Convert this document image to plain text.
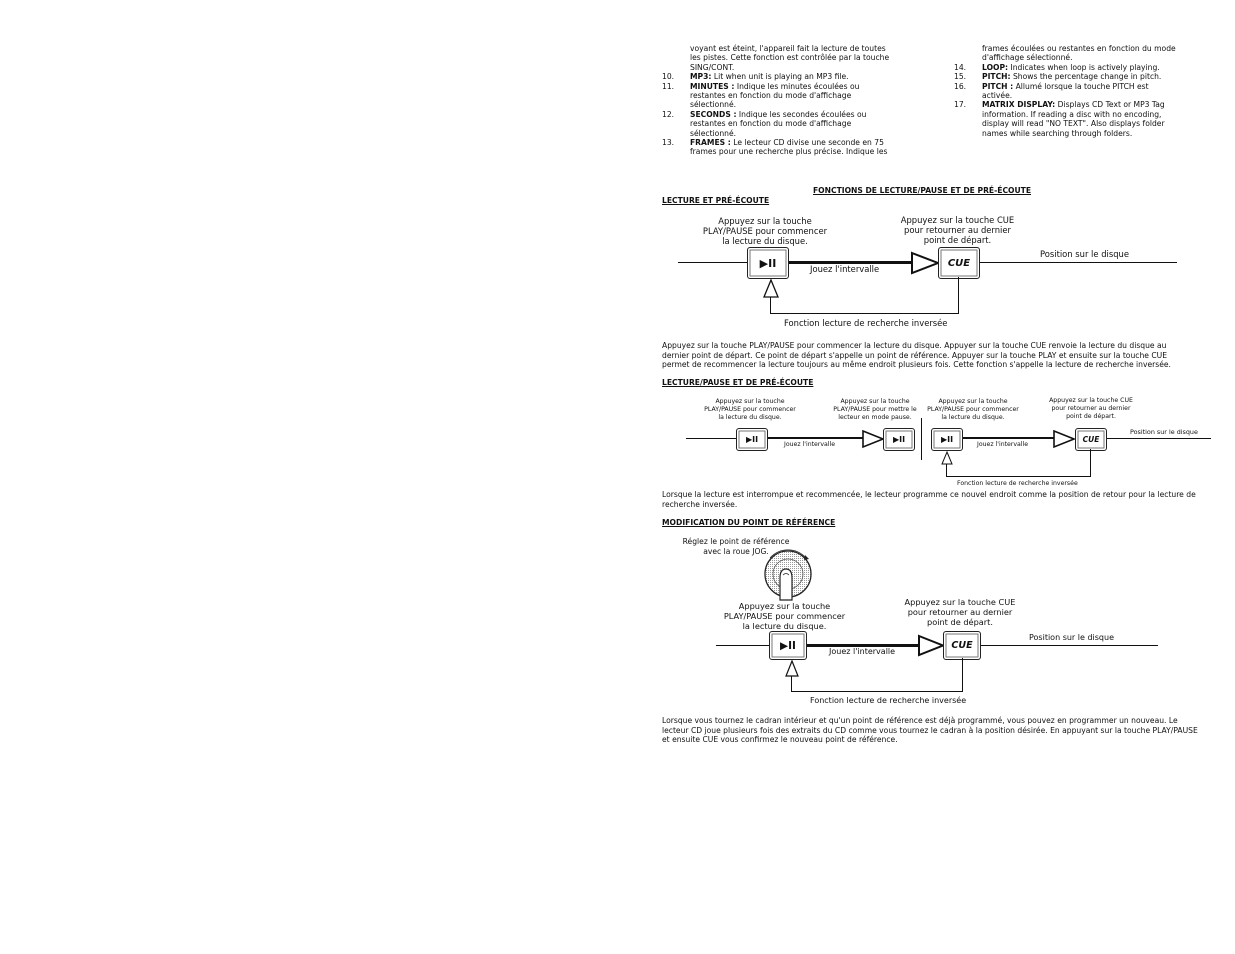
voyant est éteint, l'appareil fait la lecture de toutes
les pistes. Cette fonction est contrôlée par la touche
SING/CONT.
10.	MP3: Lit when unit is playing an MP3 file.
11.	MINUTES : Indique les minutes écoulées ou
restantes en fonction du mode d'affichage
sélectionné.
12.	SECONDS : Indique les secondes écoulées ou
restantes en fonction du mode d'affichage
sélectionné.
13.	FRAMES : Le lecteur CD divise une seconde en 75
frames pour une recherche plus précise. Indique les
frames écoulées ou restantes en fonction du mode
d'affichage sélectionné.
14.	LOOP: Indicates when loop is actively playing.
15.	PITCH: Shows the percentage change in pitch.
16.	PITCH : Allumé lorsque la touche PITCH est
activée.
17.	MATRIX DISPLAY: Displays CD Text or MP3 Tag
information. If reading a disc with no encoding,
display will read "NO TEXT". Also displays folder
names while searching through folders.
FONCTIONS DE LECTURE/PAUSE ET DE PRÉ-ÉCOUTE
LECTURE ET PRÉ-ÉCOUTE
Appuyez sur la touche
PLAY/PAUSE pour commencer
la lecture du disque.
Appuyez sur la touche CUE
pour retourner au dernier
point de départ.
Position sur le disque
▶II	CUE
Jouez l'intervalle
Fonction lecture de recherche inversée
Appuyez sur la touche PLAY/PAUSE pour commencer la lecture du disque. Appuyer sur la touche CUE renvoie la lecture du disque au
dernier point de départ. Ce point de départ s'appelle un point de référence. Appuyer sur la touche PLAY et ensuite sur la touche CUE
permet de recommencer la lecture toujours au même endroit plusieurs fois. Cette fonction s'appelle la lecture de recherche inversée.
LECTURE/PAUSE ET DE PRÉ-ÉCOUTE
Appuyez sur la touche
PLAY/PAUSE pour commencer
la lecture du disque.
Appuyez sur la touche
PLAY/PAUSE pour mettre le
lecteur en mode pause.
Appuyez sur la touche
PLAY/PAUSE pour commencer
la lecture du disque.
Appuyez sur la touche CUE
pour retourner au dernier
point de départ.
Position sur le disque
▶II	▶II
Jouez l'intervalle
▶II	CUE
Jouez l'intervalle
Fonction lecture de recherche inversée
Lorsque la lecture est interrompue et recommencée, le lecteur programme ce nouvel endroit comme la position de retour pour la lecture de
recherche inversée.
MODIFICATION DU POINT DE RÉFÉRENCE
Réglez le point de référence
avec la roue JOG.
Appuyez sur la touche
PLAY/PAUSE pour commencer
la lecture du disque.
Appuyez sur la touche CUE
pour retourner au dernier
point de départ.
Position sur le disque
▶II	CUE
Jouez l'intervalle
Fonction lecture de recherche inversée
Lorsque vous tournez le cadran intérieur et qu'un point de référence est déjà programmé, vous pouvez en programmer un nouveau. Le
lecteur CD joue plusieurs fois des extraits du CD comme vous tournez le cadran à la position désirée. En appuyant sur la touche PLAY/PAUSE
et ensuite CUE vous confirmez le nouveau point de référence.
